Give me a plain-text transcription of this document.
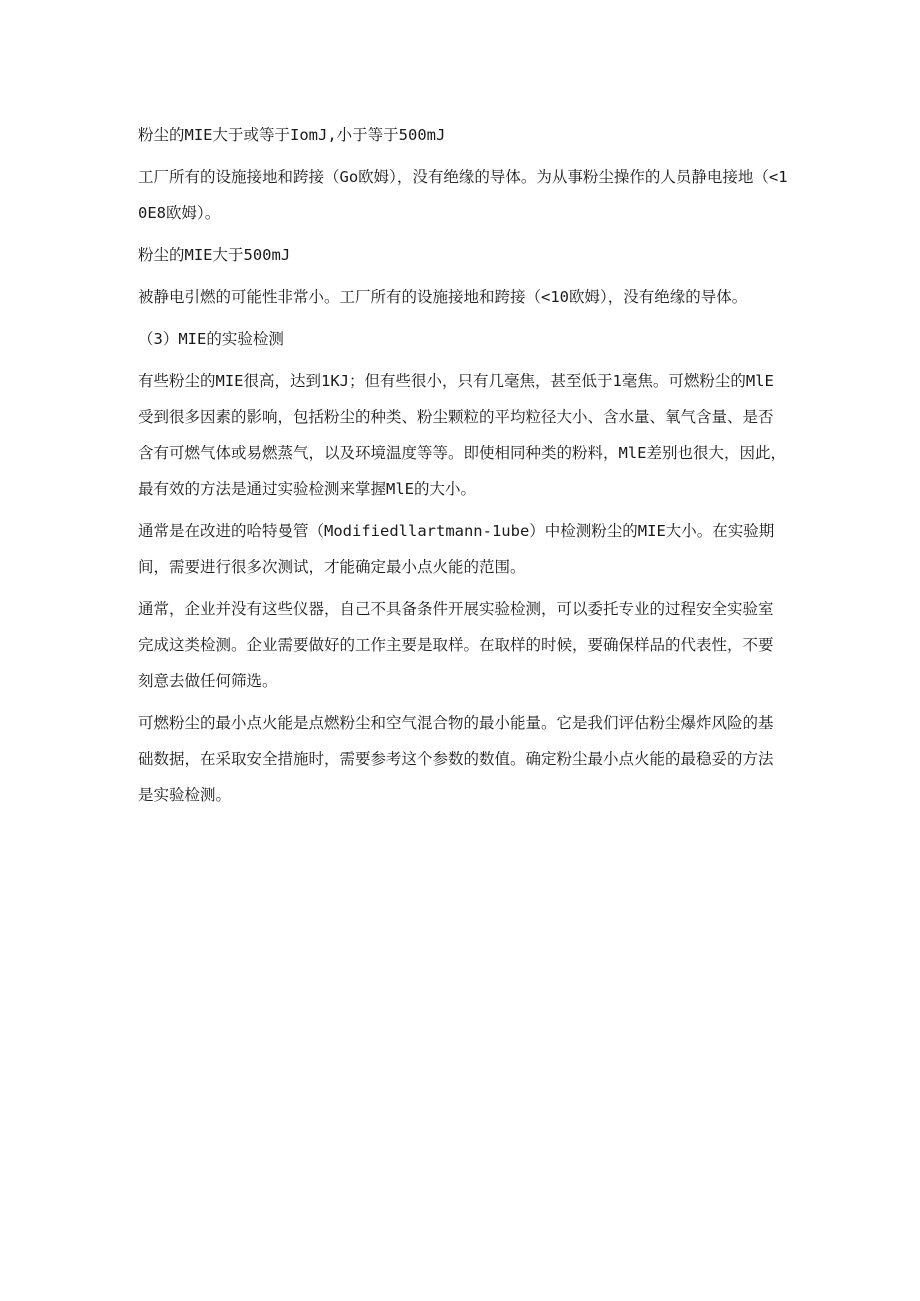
粉尘的MIE大于或等于IomJ,小于等于500mJ

工厂所有的设施接地和跨接（Go欧姆），没有绝缘的导体。为从事粉尘操作的人员静电接地（<10E8欧姆）。

粉尘的MIE大于500mJ

被静电引燃的可能性非常小。工厂所有的设施接地和跨接（<10欧姆），没有绝缘的导体。

（3）MIE的实验检测

有些粉尘的MIE很高，达到1KJ；但有些很小，只有几毫焦，甚至低于1毫焦。可燃粉尘的MlE受到很多因素的影响，包括粉尘的种类、粉尘颗粒的平均粒径大小、含水量、氧气含量、是否含有可燃气体或易燃蒸气，以及环境温度等等。即使相同种类的粉料，MlE差别也很大，因此，最有效的方法是通过实验检测来掌握MlE的大小。

通常是在改进的哈特曼管（Modifiedllartmann-1ube）中检测粉尘的MIE大小。在实验期间，需要进行很多次测试，才能确定最小点火能的范围。

通常，企业并没有这些仪器，自己不具备条件开展实验检测，可以委托专业的过程安全实验室完成这类检测。企业需要做好的工作主要是取样。在取样的时候，要确保样品的代表性，不要刻意去做任何筛选。

可燃粉尘的最小点火能是点燃粉尘和空气混合物的最小能量。它是我们评估粉尘爆炸风险的基础数据，在采取安全措施时，需要参考这个参数的数值。确定粉尘最小点火能的最稳妥的方法是实验检测。
